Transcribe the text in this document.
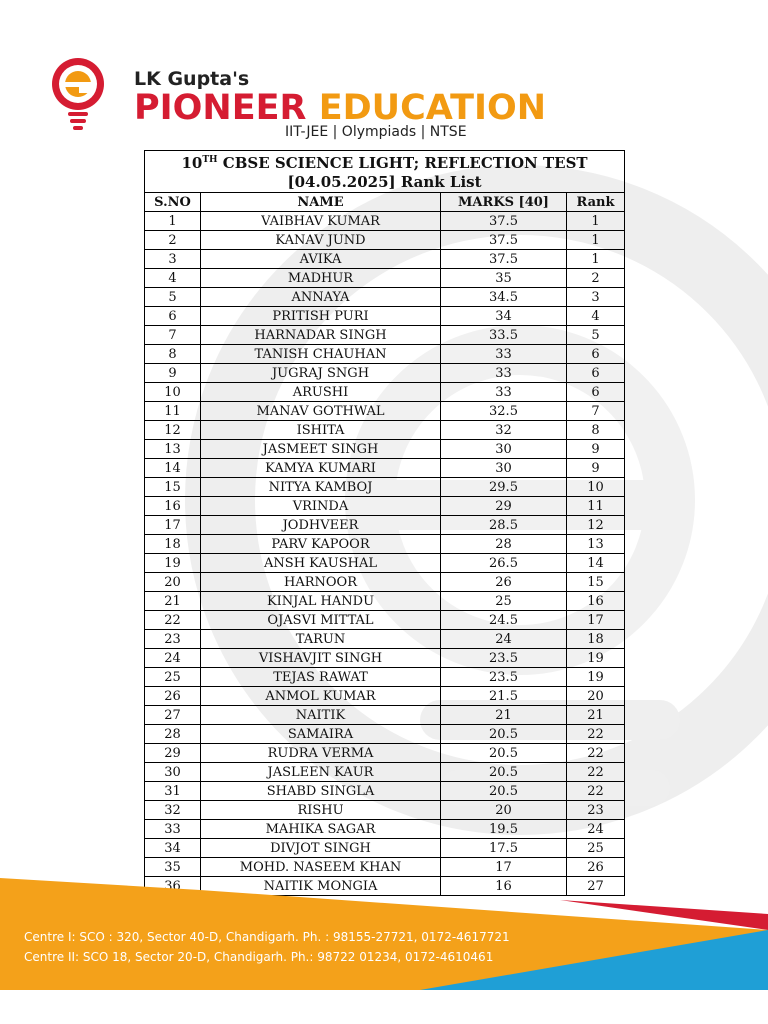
LK Gupta's
PIONEER EDUCATION
IIT-JEE | Olympiads | NTSE
10TH CBSE SCIENCE LIGHT; REFLECTION TEST
[04.05.2025] Rank List			
S.NO	NAME	MARKS [40]	Rank
1	VAIBHAV KUMAR	37.5	1
2	KANAV JUND	37.5	1
3	AVIKA	37.5	1
4	MADHUR	35	2
5	ANNAYA	34.5	3
6	PRITISH PURI	34	4
7	HARNADAR SINGH	33.5	5
8	TANISH CHAUHAN	33	6
9	JUGRAJ SNGH	33	6
10	ARUSHI	33	6
11	MANAV GOTHWAL	32.5	7
12	ISHITA	32	8
13	JASMEET SINGH	30	9
14	KAMYA KUMARI	30	9
15	NITYA KAMBOJ	29.5	10
16	VRINDA	29	11
17	JODHVEER	28.5	12
18	PARV KAPOOR	28	13
19	ANSH KAUSHAL	26.5	14
20	HARNOOR	26	15
21	KINJAL HANDU	25	16
22	OJASVI MITTAL	24.5	17
23	TARUN	24	18
24	VISHAVJIT SINGH	23.5	19
25	TEJAS RAWAT	23.5	19
26	ANMOL KUMAR	21.5	20
27	NAITIK	21	21
28	SAMAIRA	20.5	22
29	RUDRA VERMA	20.5	22
30	JASLEEN KAUR	20.5	22
31	SHABD SINGLA	20.5	22
32	RISHU	20	23
33	MAHIKA SAGAR	19.5	24
34	DIVJOT SINGH	17.5	25
35	MOHD. NASEEM KHAN	17	26
36	NAITIK MONGIA	16	27
Centre I: SCO : 320, Sector 40-D, Chandigarh. Ph. : 98155-27721, 0172-4617721
Centre II: SCO 18, Sector 20-D, Chandigarh. Ph.: 98722 01234, 0172-4610461
